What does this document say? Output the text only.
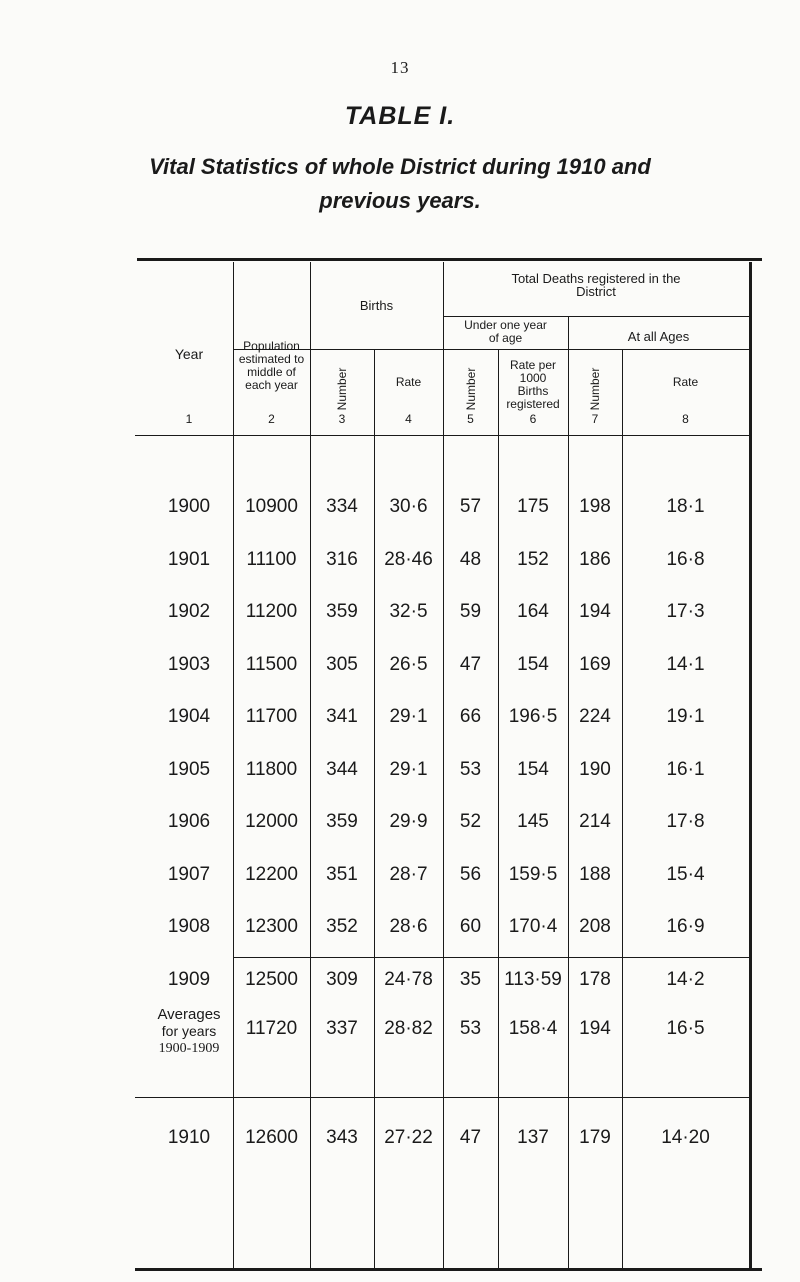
13
TABLE I.
Vital Statistics of whole District during 1910 and
previous years.
Year	Population
estimated to
middle of
each year
Births
Total Deaths registered in the
District
Under one year
of age	At all Ages
Number	Rate	Number
Rate per
1000
Births
registered	Number	Rate
1	2	3	4	5	6	7	8
1900	10900	334	30·6	57	175	198	18·1
1901	11100	316	28·46	48	152	186	16·8
1902	11200	359	32·5	59	164	194	17·3
1903	11500	305	26·5	47	154	169	14·1
1904	11700	341	29·1	66	196·5	224	19·1
1905	11800	344	29·1	53	154	190	16·1
1906	12000	359	29·9	52	145	214	17·8
1907	12200	351	28·7	56	159·5	188	15·4
1908	12300	352	28·6	60	170·4	208	16·9
1909	12500	309	24·78	35	113·59 178	14·2
Averages
for years
1900-1909
11720	337	28·82	53	158·4	194	16·5
1910	12600	343	27·22	47	137	179	14·20
